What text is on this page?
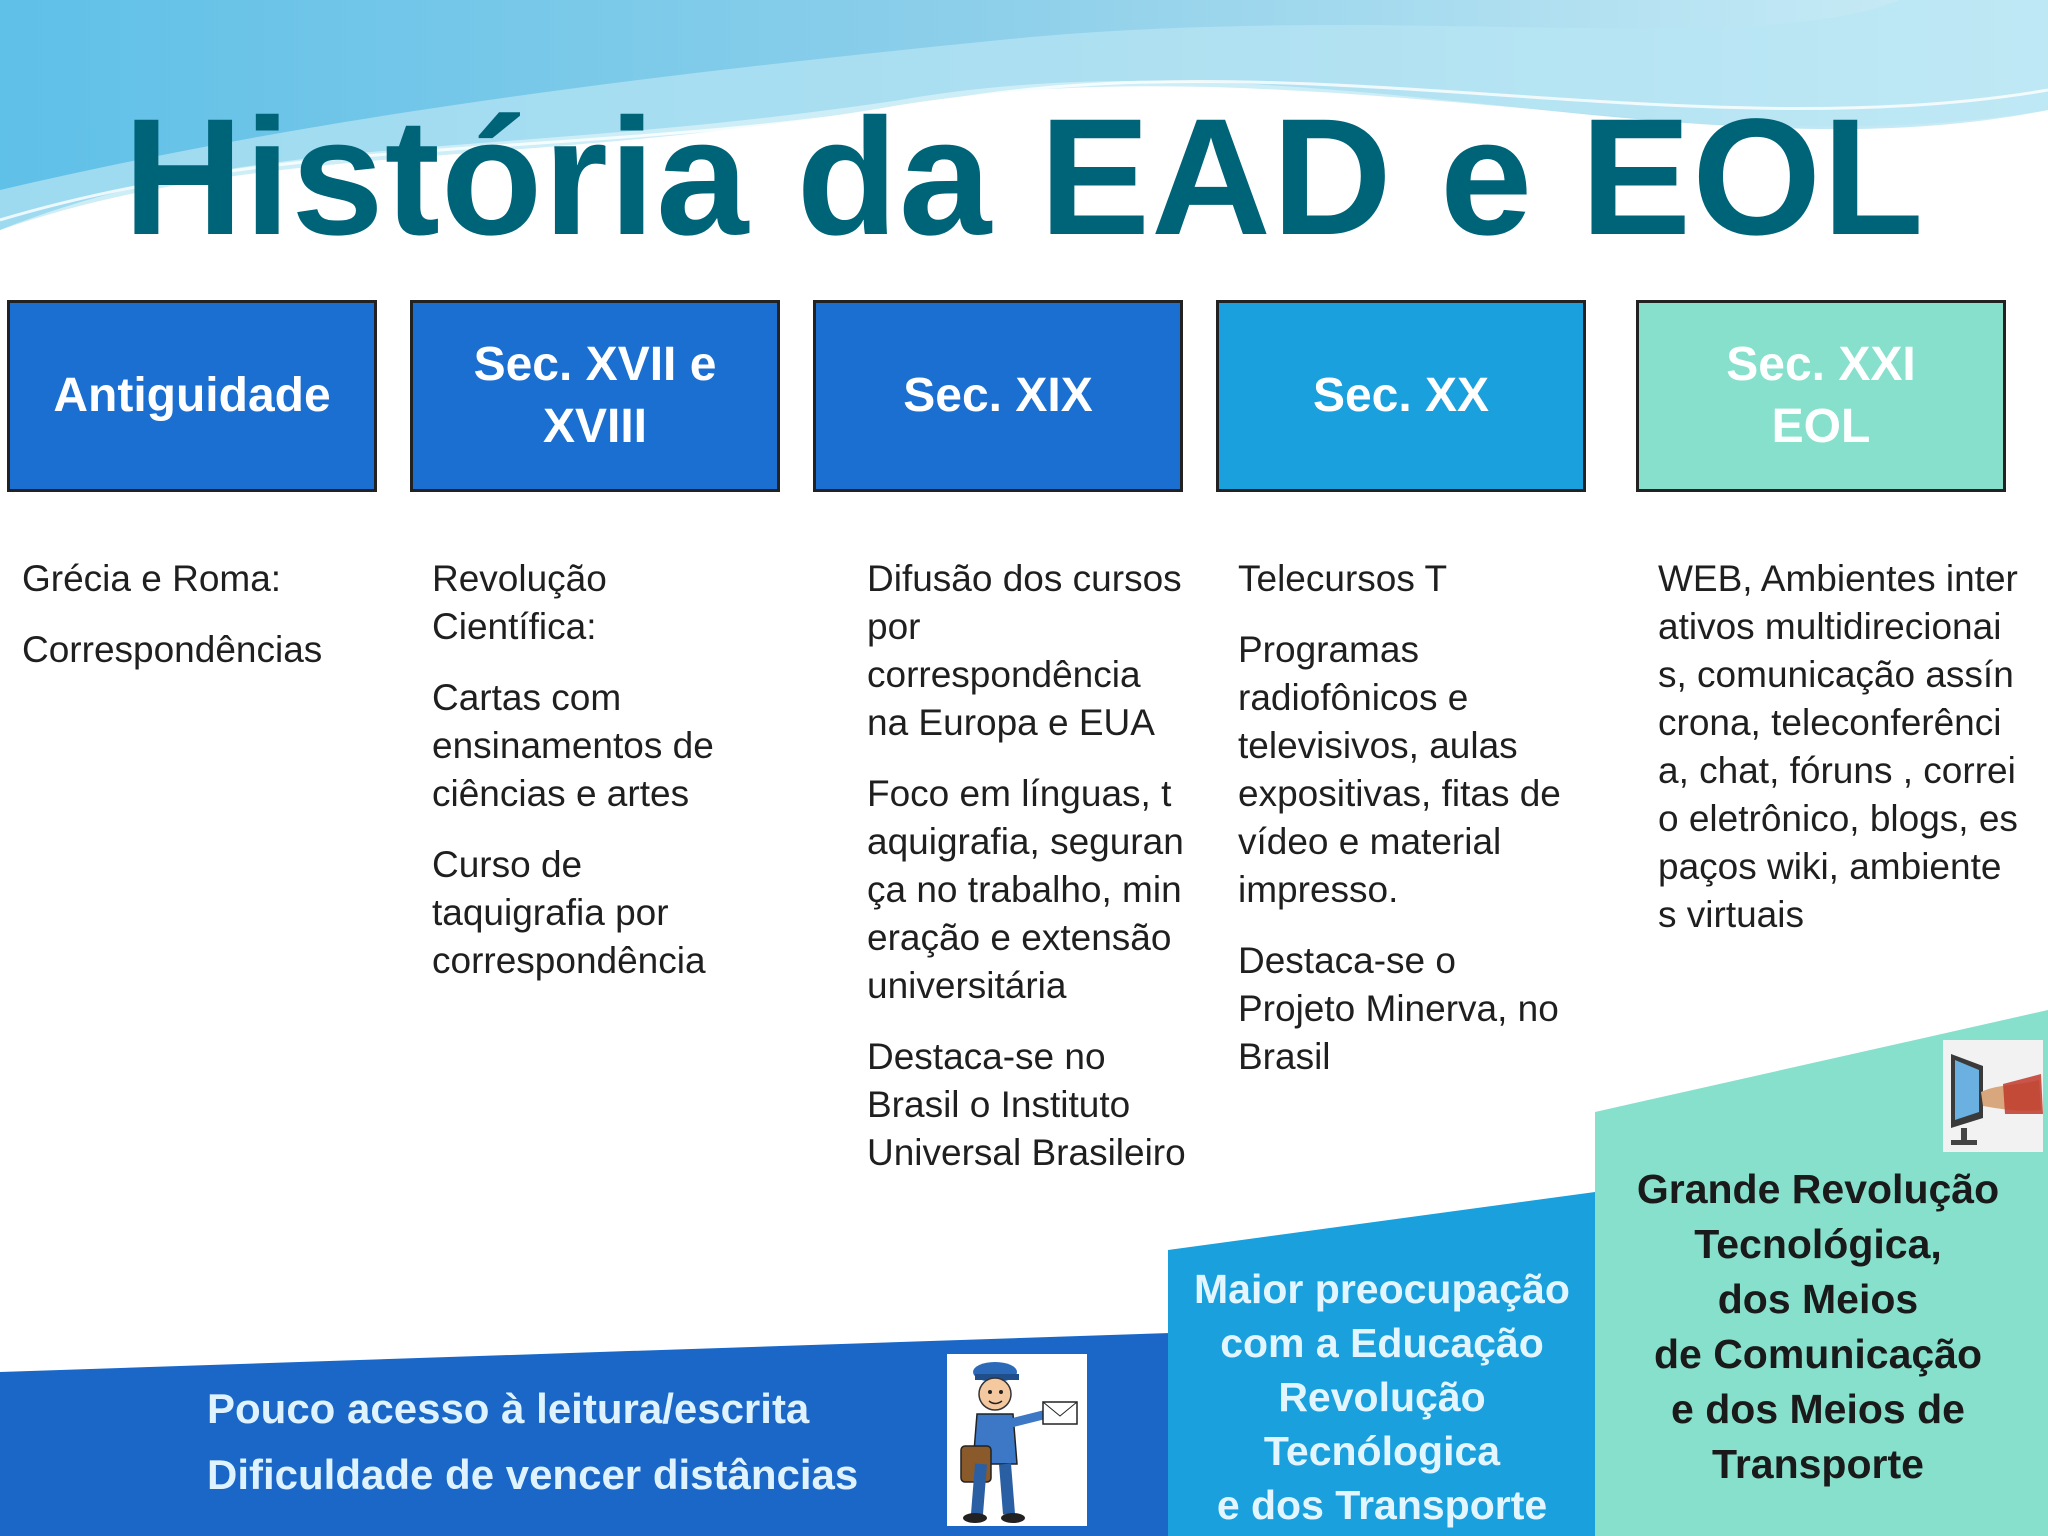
História da EAD e EOL
Antiguidade
Sec. XVII e XVIII
Sec. XIX	Sec. XX
Sec. XXI EOL

Grécia e Roma:

Correspondências

Revolução Científica:

Cartas com ensinamentos de ciências e artes

Curso de taquigrafia por correspondência

Difusão dos cursos por correspondência na Europa e EUA

Foco em línguas, taquigrafia, segurança no trabalho, mineração e extensão universitária

Destaca-se no Brasil o Instituto Universal Brasileiro

Telecursos T

Programas radiofônicos e televisivos, aulas expositivas, fitas de vídeo e material impresso.

Destaca-se o Projeto Minerva, no Brasil

WEB, Ambientes interativos multidirecionais, comunicação assíncrona, teleconferência, chat, fóruns , correio eletrônico, blogs, espaços wiki, ambientes virtuais

Pouco acesso à leitura/escrita
Dificuldade de vencer distâncias
Maior preocupação
com a Educação
Revolução
Tecnólogica
e dos Transporte
Grande Revolução
Tecnológica,
dos Meios
de Comunicação
e dos Meios de
Transporte
